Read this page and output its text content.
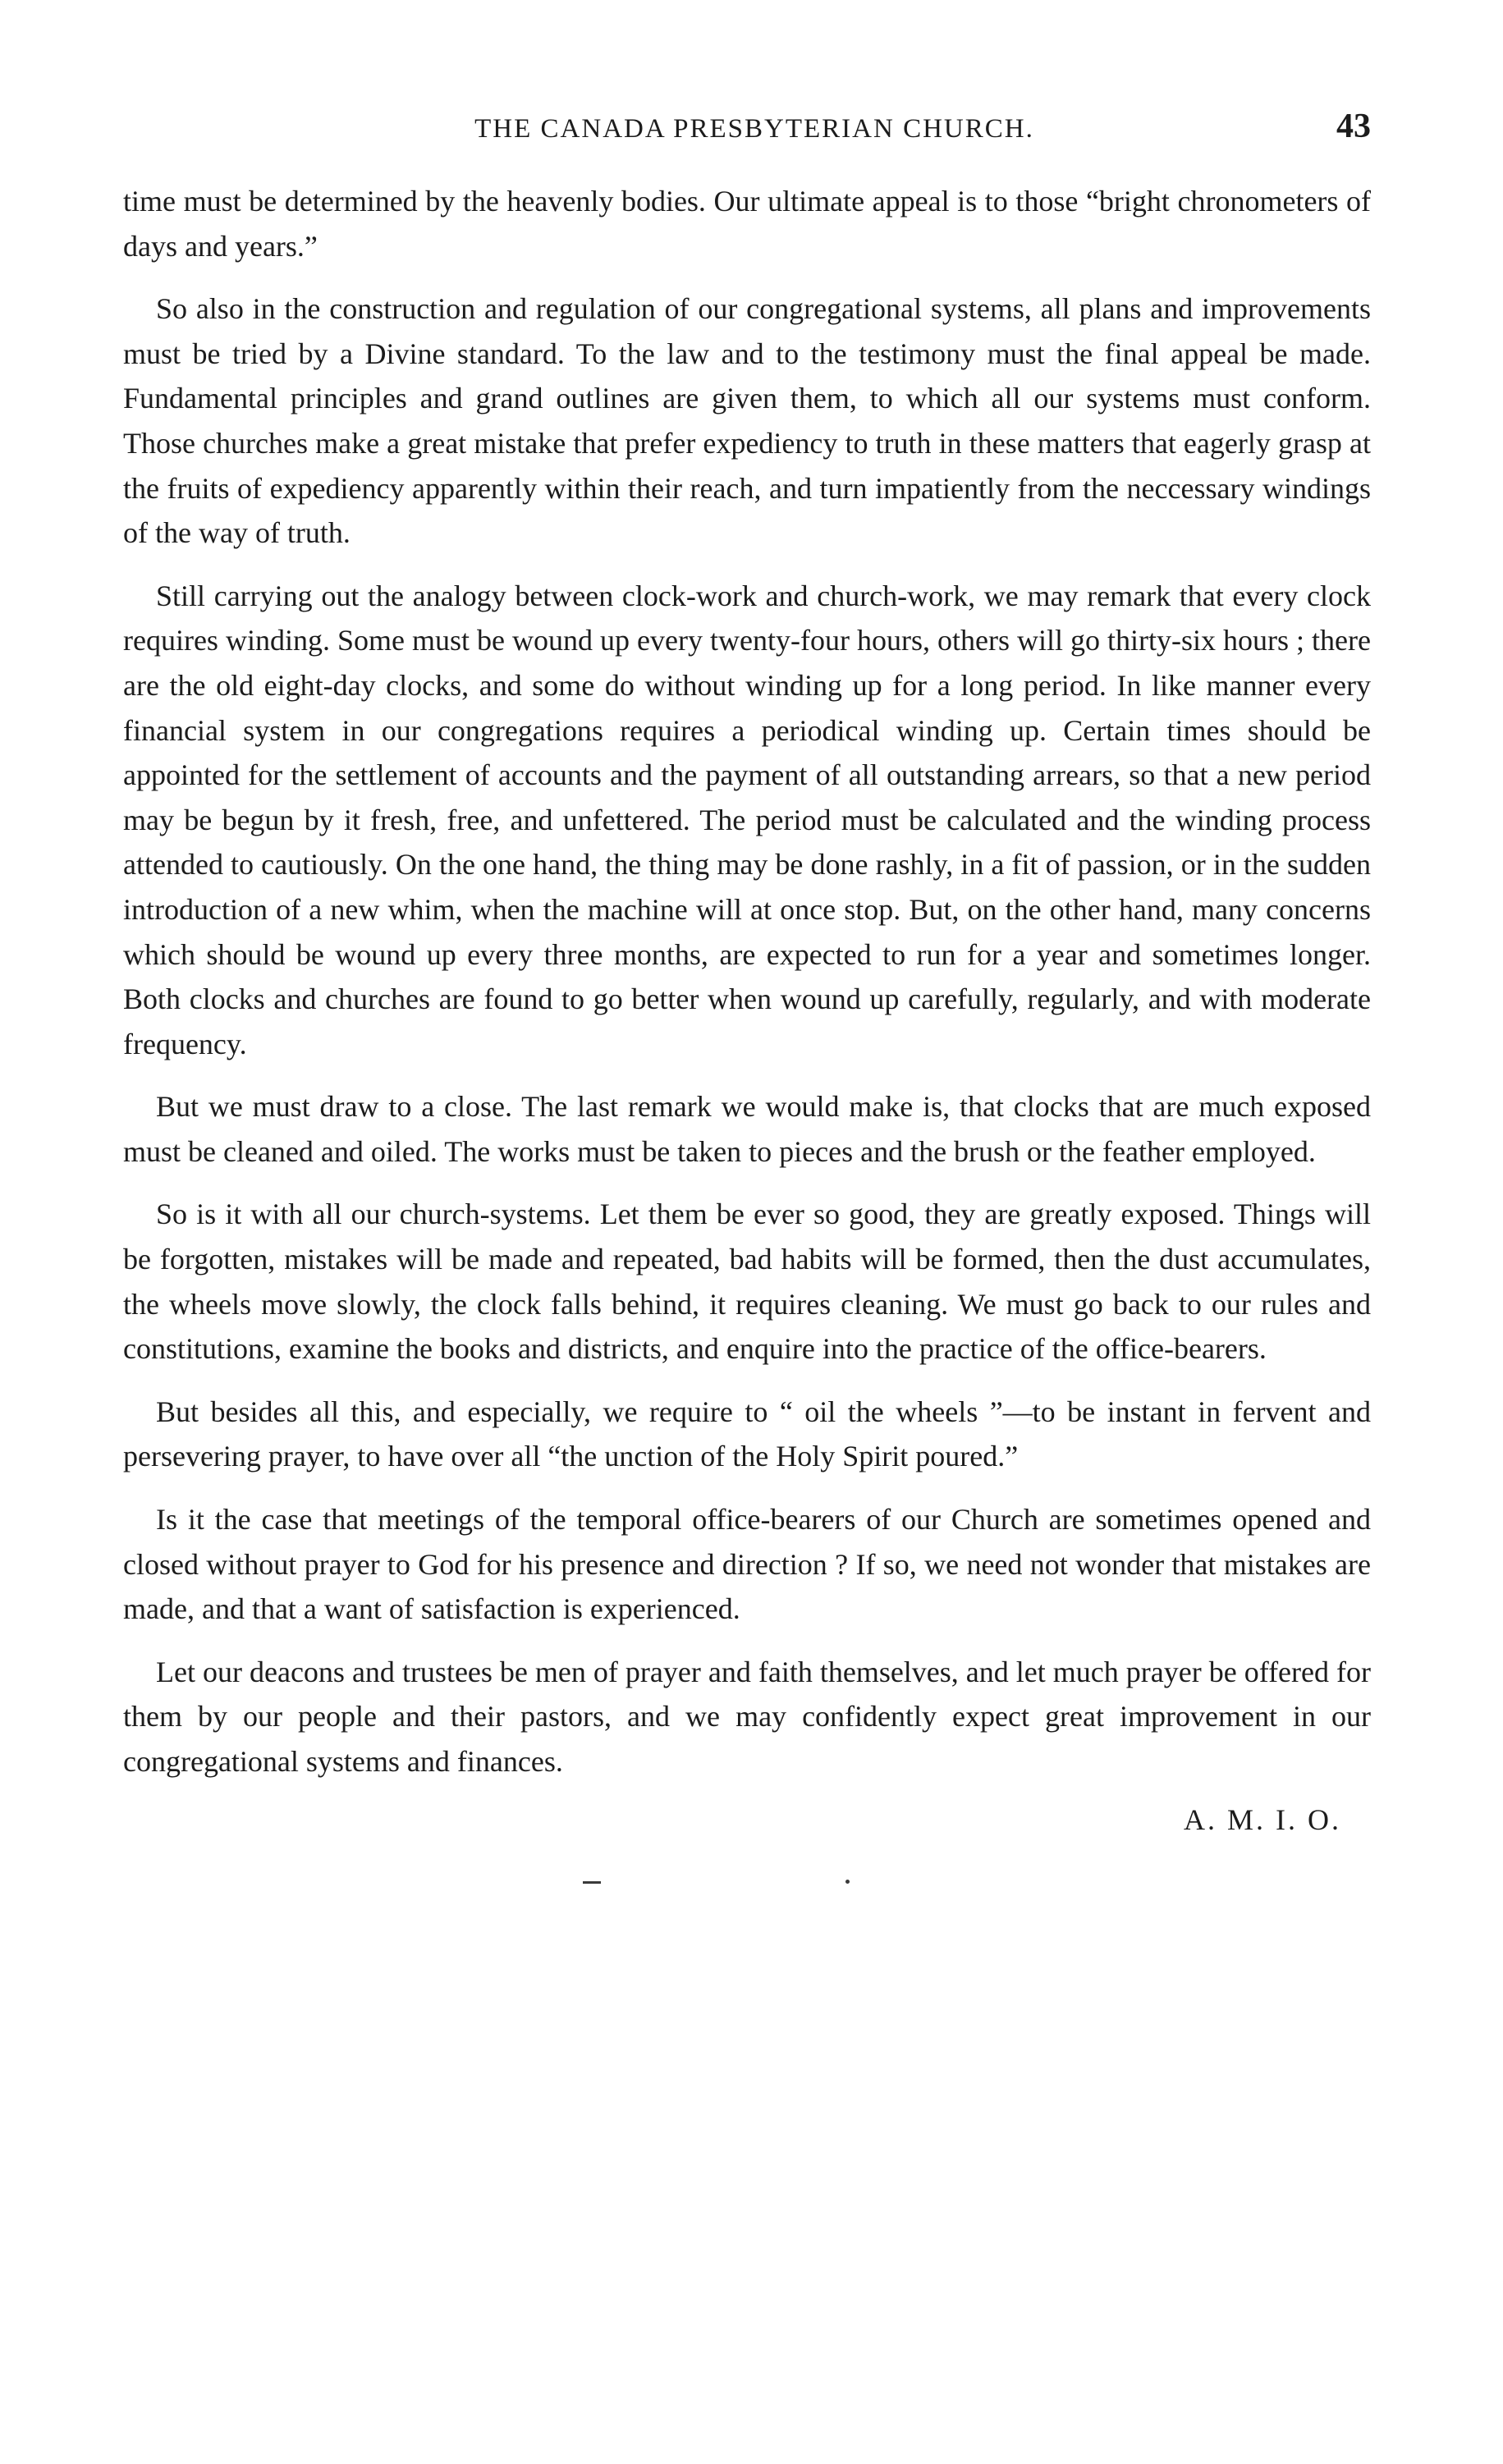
THE CANADA PRESBYTERIAN CHURCH.	43

time must be determined by the heavenly bodies. Our ultimate appeal is to those “bright chronometers of days and years.”

So also in the construction and regulation of our congregational systems, all plans and improvements must be tried by a Divine standard. To the law and to the testimony must the final appeal be made. Fundamental principles and grand outlines are given them, to which all our systems must conform. Those churches make a great mistake that prefer expediency to truth in these matters that eagerly grasp at the fruits of expediency apparently within their reach, and turn impatiently from the neccessary windings of the way of truth.

Still carrying out the analogy between clock-work and church-work, we may remark that every clock requires winding. Some must be wound up every twenty-four hours, others will go thirty-six hours ; there are the old eight-day clocks, and some do without winding up for a long period. In like manner every financial system in our congregations requires a periodical winding up. Certain times should be appointed for the settlement of accounts and the payment of all outstanding arrears, so that a new period may be begun by it fresh, free, and unfettered. The period must be calculated and the winding process attended to cautiously. On the one hand, the thing may be done rashly, in a fit of passion, or in the sudden introduction of a new whim, when the machine will at once stop. But, on the other hand, many concerns which should be wound up every three months, are expected to run for a year and sometimes longer. Both clocks and churches are found to go better when wound up carefully, regularly, and with moderate frequency.

But we must draw to a close. The last remark we would make is, that clocks that are much exposed must be cleaned and oiled. The works must be taken to pieces and the brush or the feather employed.

So is it with all our church-systems. Let them be ever so good, they are greatly exposed. Things will be forgotten, mistakes will be made and repeated, bad habits will be formed, then the dust accumulates, the wheels move slowly, the clock falls behind, it requires cleaning. We must go back to our rules and constitutions, examine the books and districts, and enquire into the practice of the office-bearers.

But besides all this, and especially, we require to “ oil the wheels ”—to be instant in fervent and persevering prayer, to have over all “the unction of the Holy Spirit poured.”

Is it the case that meetings of the temporal office-bearers of our Church are sometimes opened and closed without prayer to God for his presence and direction ? If so, we need not wonder that mistakes are made, and that a want of satisfaction is experienced.

Let our deacons and trustees be men of prayer and faith themselves, and let much prayer be offered for them by our people and their pastors, and we may confidently expect great improvement in our congregational systems and finances.

A. M. I. O.
